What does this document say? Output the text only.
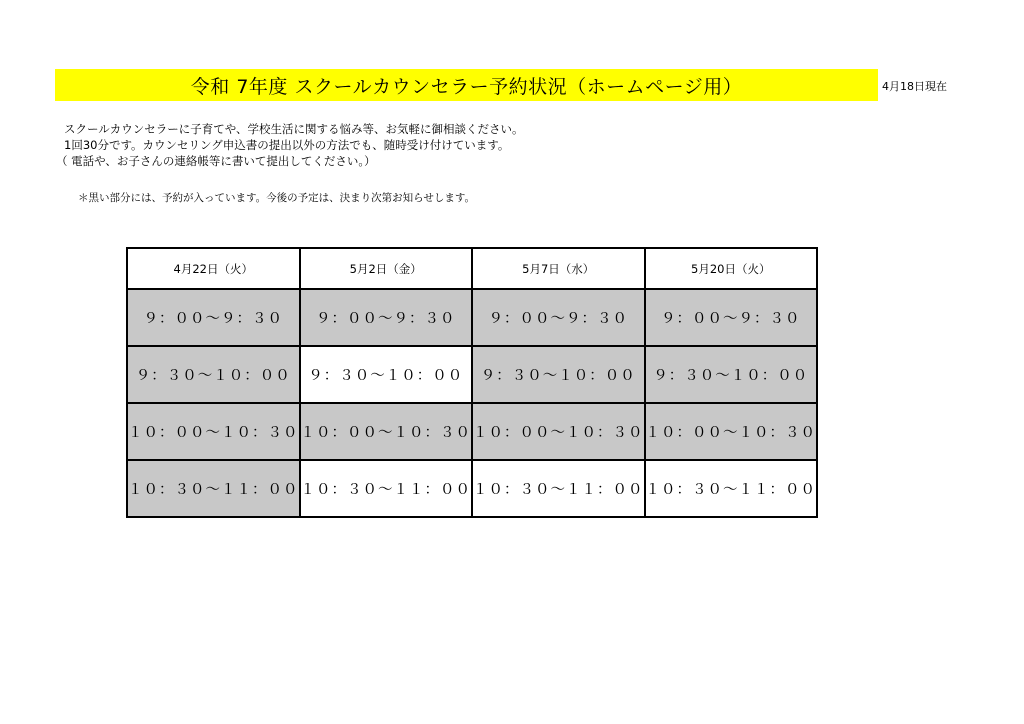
令和 7年度 スクールカウンセラー予約状況（ホームページ用）	4月18日現在
スクールカウンセラーに子育てや、学校生活に関する悩み等、お気軽に御相談ください。
1回30分です。カウンセリング申込書の提出以外の方法でも、随時受け付けています。
（ 電話や、お子さんの連絡帳等に書いて提出してください。）
＊黒い部分には、予約が入っています。今後の予定は、決まり次第お知らせします。
4月22日（火）	5月2日（金）	5月7日（水）	5月20日（火）
９：００～９：３０	９：００～９：３０	９：００～９：３０	９：００～９：３０
９：３０～１０：００	９：３０～１０：００	９：３０～１０：００	９：３０～１０：００
１０：００～１０：３０	１０：００～１０：３０	１０：００～１０：３０	１０：００～１０：３０
１０：３０～１１：００	１０：３０～１１：００	１０：３０～１１：００	１０：３０～１１：００
